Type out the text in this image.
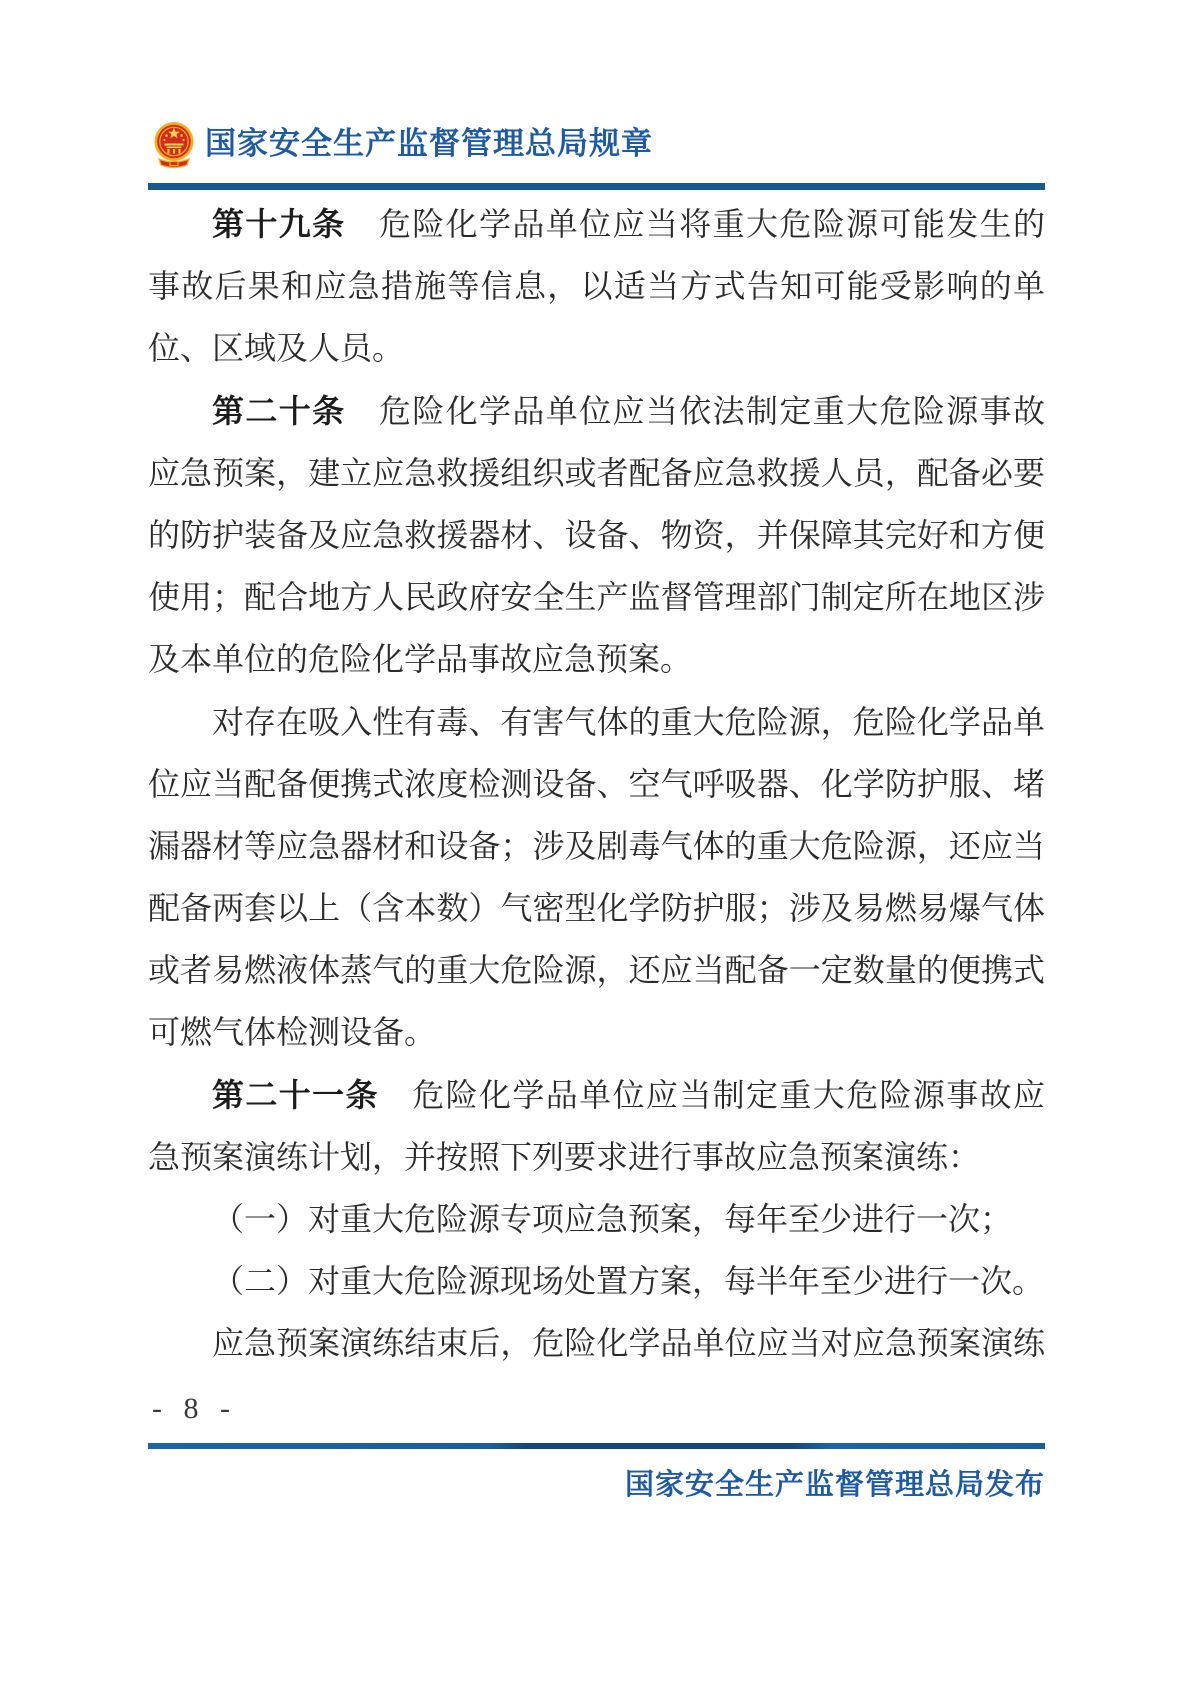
国家安全生产监督管理总局规章
第十九条　危险化学品单位应当将重大危险源可能发生的
事故后果和应急措施等信息，以适当方式告知可能受影响的单
位、区域及人员。
第二十条　危险化学品单位应当依法制定重大危险源事故
应急预案，建立应急救援组织或者配备应急救援人员，配备必要
的防护装备及应急救援器材、设备、物资，并保障其完好和方便
使用；配合地方人民政府安全生产监督管理部门制定所在地区涉
及本单位的危险化学品事故应急预案。
对存在吸入性有毒、有害气体的重大危险源，危险化学品单
位应当配备便携式浓度检测设备、空气呼吸器、化学防护服、堵
漏器材等应急器材和设备；涉及剧毒气体的重大危险源，还应当
配备两套以上（含本数）气密型化学防护服；涉及易燃易爆气体
或者易燃液体蒸气的重大危险源，还应当配备一定数量的便携式
可燃气体检测设备。
第二十一条　危险化学品单位应当制定重大危险源事故应
急预案演练计划，并按照下列要求进行事故应急预案演练：
（一）对重大危险源专项应急预案，每年至少进行一次；
（二）对重大危险源现场处置方案，每半年至少进行一次。
应急预案演练结束后，危险化学品单位应当对应急预案演练
- 8 -
国家安全生产监督管理总局发布
